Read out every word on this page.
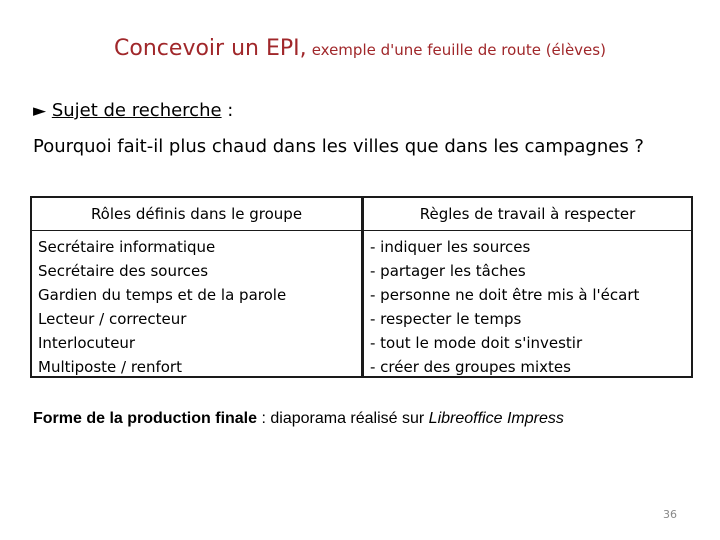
Concevoir un EPI, exemple d'une feuille de route (élèves)
► Sujet de recherche :
Pourquoi fait-il plus chaud dans les villes que dans les campagnes ?
Rôles définis dans le groupe
Secrétaire informatique
Secrétaire des sources
Gardien du temps et de la parole
Lecteur / correcteur
Interlocuteur
Multiposte / renfort
Règles de travail à respecter
- indiquer les sources
- partager les tâches
- personne ne doit être mis à l'écart
- respecter le temps
- tout le mode doit s'investir
- créer des groupes mixtes
Forme de la production finale : diaporama réalisé sur Libreoffice Impress
36
